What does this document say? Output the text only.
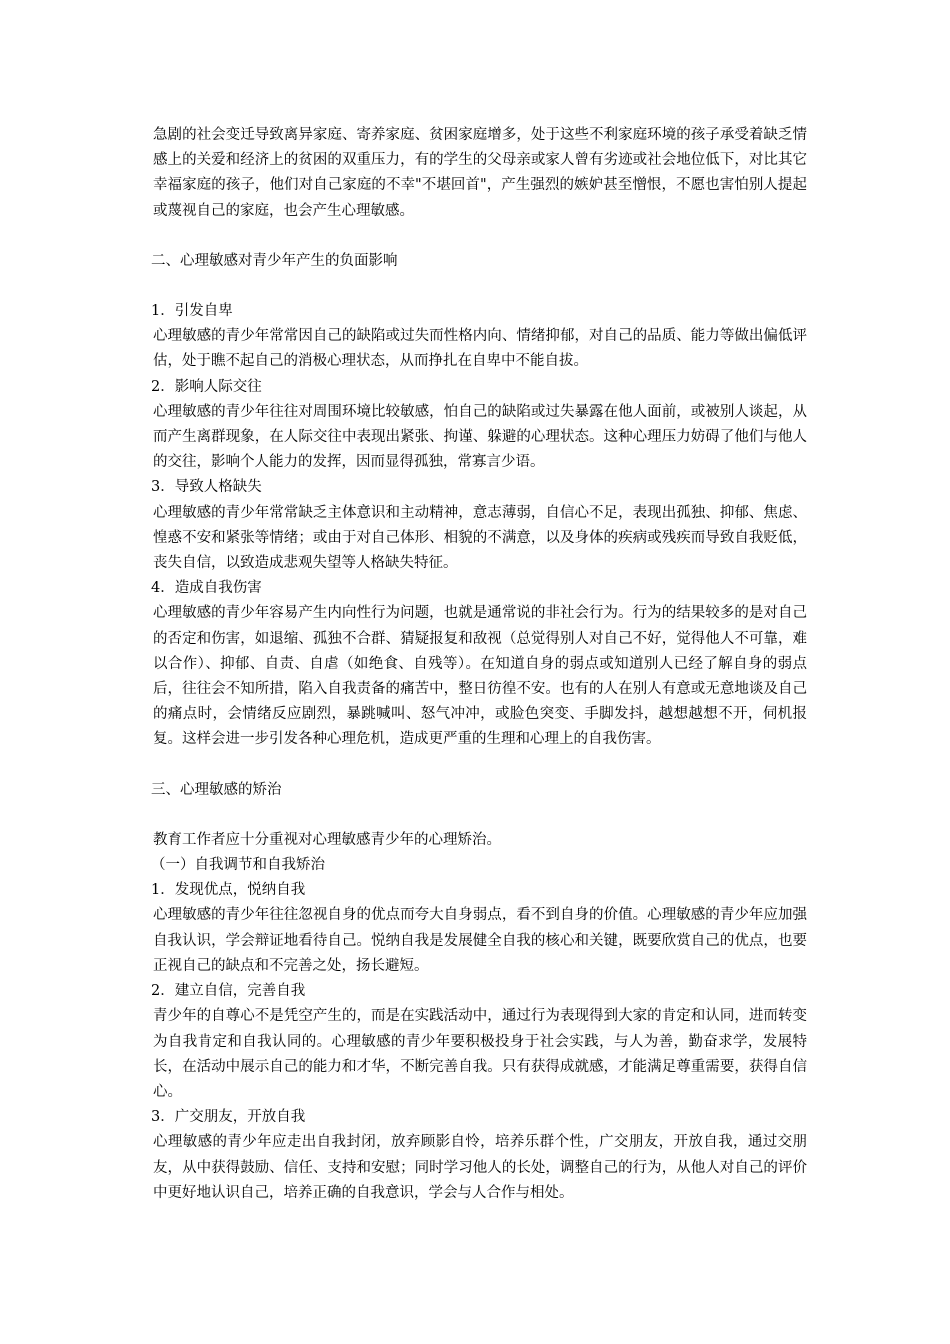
急剧的社会变迁导致离异家庭、寄养家庭、贫困家庭增多，处于这些不利家庭环境的孩子承受着缺乏情感上的关爱和经济上的贫困的双重压力，有的学生的父母亲或家人曾有劣迹或社会地位低下，对比其它幸福家庭的孩子，他们对自己家庭的不幸"不堪回首"，产生强烈的嫉妒甚至憎恨，不愿也害怕别人提起或蔑视自己的家庭，也会产生心理敏感。

二、心理敏感对青少年产生的负面影响

1．引发自卑

心理敏感的青少年常常因自己的缺陷或过失而性格内向、情绪抑郁，对自己的品质、能力等做出偏低评估，处于瞧不起自己的消极心理状态，从而挣扎在自卑中不能自拔。

2．影响人际交往

心理敏感的青少年往往对周围环境比较敏感，怕自己的缺陷或过失暴露在他人面前，或被别人谈起，从而产生离群现象，在人际交往中表现出紧张、拘谨、躲避的心理状态。这种心理压力妨碍了他们与他人的交往，影响个人能力的发挥，因而显得孤独，常寡言少语。

3．导致人格缺失

心理敏感的青少年常常缺乏主体意识和主动精神，意志薄弱，自信心不足，表现出孤独、抑郁、焦虑、惶惑不安和紧张等情绪；或由于对自己体形、相貌的不满意，以及身体的疾病或残疾而导致自我贬低，丧失自信，以致造成悲观失望等人格缺失特征。

4．造成自我伤害

心理敏感的青少年容易产生内向性行为问题，也就是通常说的非社会行为。行为的结果较多的是对自己的否定和伤害，如退缩、孤独不合群、猜疑报复和敌视（总觉得别人对自己不好，觉得他人不可靠，难以合作）、抑郁、自责、自虐（如绝食、自残等）。在知道自身的弱点或知道别人已经了解自身的弱点后，往往会不知所措，陷入自我责备的痛苦中，整日彷徨不安。也有的人在别人有意或无意地谈及自己的痛点时，会情绪反应剧烈，暴跳喊叫、怒气冲冲，或脸色突变、手脚发抖，越想越想不开，伺机报复。这样会进一步引发各种心理危机，造成更严重的生理和心理上的自我伤害。

三、心理敏感的矫治

教育工作者应十分重视对心理敏感青少年的心理矫治。

（一）自我调节和自我矫治

1．发现优点，悦纳自我

心理敏感的青少年往往忽视自身的优点而夸大自身弱点，看不到自身的价值。心理敏感的青少年应加强自我认识，学会辩证地看待自己。悦纳自我是发展健全自我的核心和关键，既要欣赏自己的优点，也要正视自己的缺点和不完善之处，扬长避短。

2．建立自信，完善自我

青少年的自尊心不是凭空产生的，而是在实践活动中，通过行为表现得到大家的肯定和认同，进而转变为自我肯定和自我认同的。心理敏感的青少年要积极投身于社会实践，与人为善，勤奋求学，发展特长，在活动中展示自己的能力和才华，不断完善自我。只有获得成就感，才能满足尊重需要，获得自信心。

3．广交朋友，开放自我

心理敏感的青少年应走出自我封闭，放弃顾影自怜，培养乐群个性，广交朋友，开放自我，通过交朋友，从中获得鼓励、信任、支持和安慰；同时学习他人的长处，调整自己的行为，从他人对自己的评价中更好地认识自己，培养正确的自我意识，学会与人合作与相处。
